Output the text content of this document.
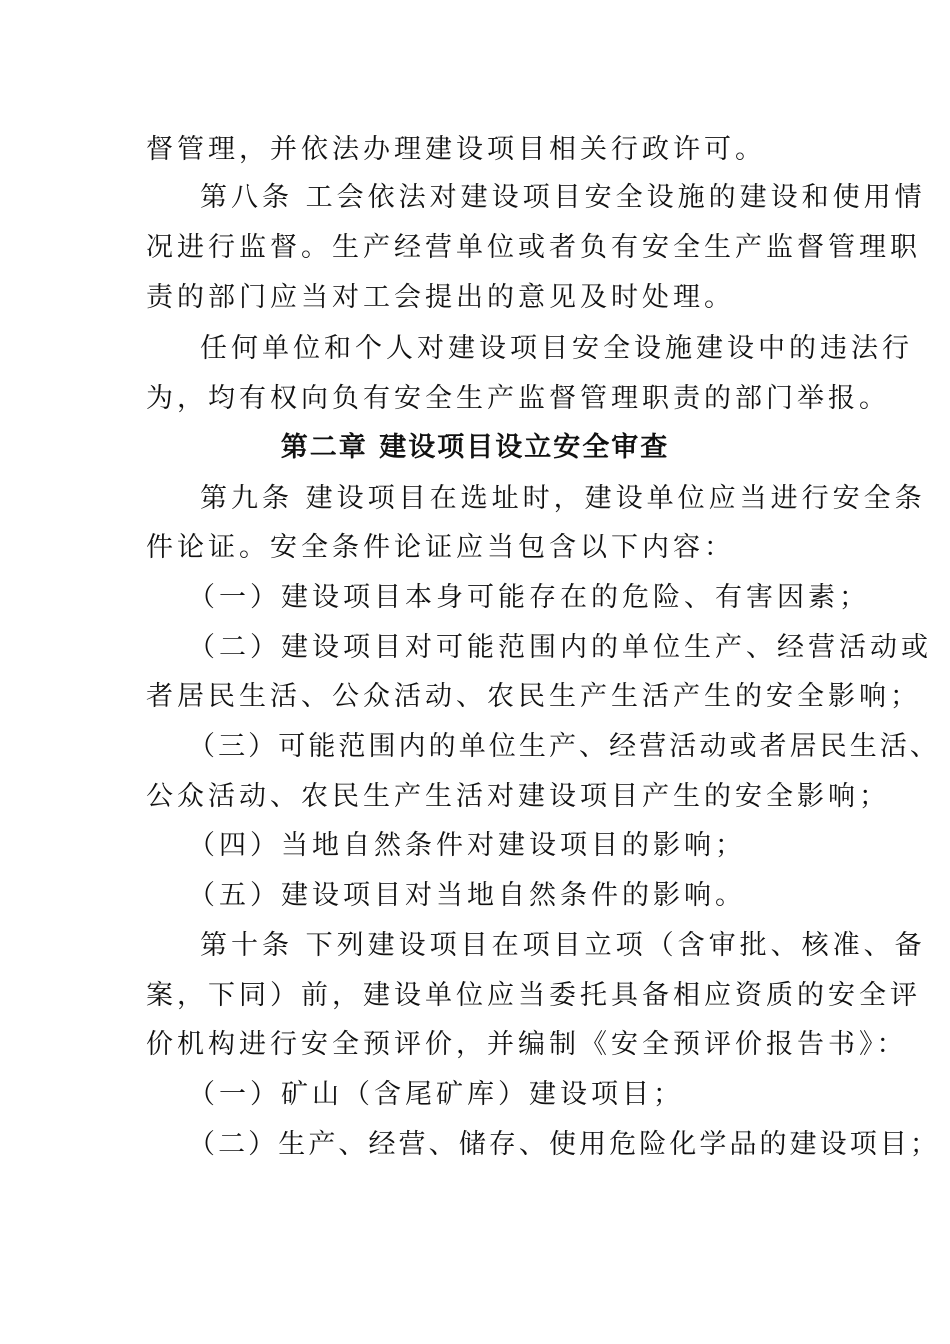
督管理，并依法办理建设项目相关行政许可。
第八条 工会依法对建设项目安全设施的建设和使用情
况进行监督。生产经营单位或者负有安全生产监督管理职
责的部门应当对工会提出的意见及时处理。
任何单位和个人对建设项目安全设施建设中的违法行
为，均有权向负有安全生产监督管理职责的部门举报。
第二章 建设项目设立安全审查
第九条 建设项目在选址时，建设单位应当进行安全条
件论证。安全条件论证应当包含以下内容：
（一）建设项目本身可能存在的危险、有害因素；
（二）建设项目对可能范围内的单位生产、经营活动或
者居民生活、公众活动、农民生产生活产生的安全影响；
（三）可能范围内的单位生产、经营活动或者居民生活、
公众活动、农民生产生活对建设项目产生的安全影响；
（四）当地自然条件对建设项目的影响；
（五）建设项目对当地自然条件的影响。
第十条 下列建设项目在项目立项（含审批、核准、备
案，下同）前，建设单位应当委托具备相应资质的安全评
价机构进行安全预评价，并编制《安全预评价报告书》：
（一）矿山（含尾矿库）建设项目；
（二）生产、经营、储存、使用危险化学品的建设项目；
